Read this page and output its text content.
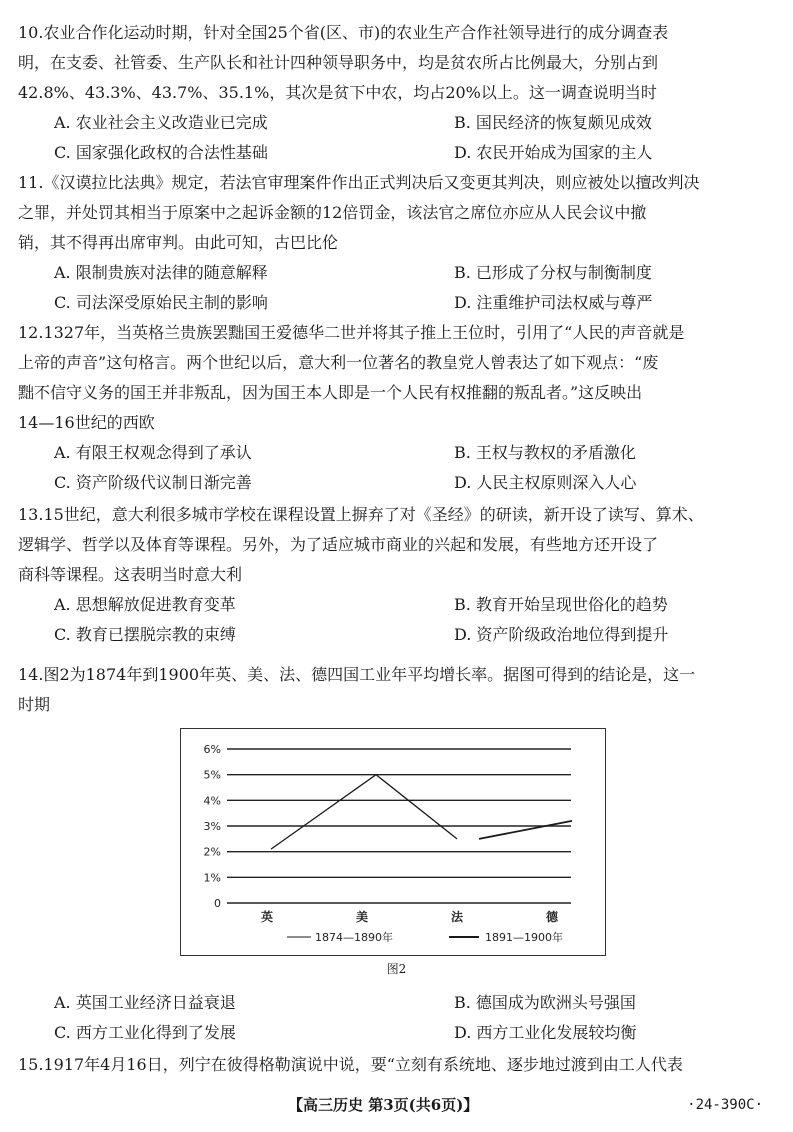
10.农业合作化运动时期，针对全国25个省(区、市)的农业生产合作社领导进行的成分调查表
明，在支委、社管委、生产队长和社计四种领导职务中，均是贫农所占比例最大，分别占到
42.8%、43.3%、43.7%、35.1%，其次是贫下中农，均占20%以上。这一调查说明当时
A. 农业社会主义改造业已完成	B. 国民经济的恢复颇见成效
C. 国家强化政权的合法性基础	D. 农民开始成为国家的主人
11.《汉谟拉比法典》规定，若法官审理案件作出正式判决后又变更其判决，则应被处以擅改判决
之罪，并处罚其相当于原案中之起诉金额的12倍罚金，该法官之席位亦应从人民会议中撤
销，其不得再出席审判。由此可知，古巴比伦
A. 限制贵族对法律的随意解释	B. 已形成了分权与制衡制度
C. 司法深受原始民主制的影响	D. 注重维护司法权威与尊严
12.1327年，当英格兰贵族罢黜国王爱德华二世并将其子推上王位时，引用了“人民的声音就是
上帝的声音”这句格言。两个世纪以后，意大利一位著名的教皇党人曾表达了如下观点：“废
黜不信守义务的国王并非叛乱，因为国王本人即是一个人民有权推翻的叛乱者。”这反映出
14—16世纪的西欧
A. 有限王权观念得到了承认	B. 王权与教权的矛盾激化
C. 资产阶级代议制日渐完善	D. 人民主权原则深入人心
13.15世纪，意大利很多城市学校在课程设置上摒弃了对《圣经》的研读，新开设了读写、算术、
逻辑学、哲学以及体育等课程。另外，为了适应城市商业的兴起和发展，有些地方还开设了
商科等课程。这表明当时意大利
A. 思想解放促进教育变革	B. 教育开始呈现世俗化的趋势
C. 教育已摆脱宗教的束缚	D. 资产阶级政治地位得到提升
14.图2为1874年到1900年英、美、法、德四国工业年平均增长率。据图可得到的结论是，这一
时期
6%
5%
4%
3%
2%
1%
0
英	美	法	德
1874—1890年	1891—1900年
图2
A. 英国工业经济日益衰退	B. 德国成为欧洲头号强国
C. 西方工业化得到了发展	D. 西方工业化发展较均衡
15.1917年4月16日，列宁在彼得格勒演说中说，要“立刻有系统地、逐步地过渡到由工人代表
【高三历史 第3页(共6页)】	·24-390C·
